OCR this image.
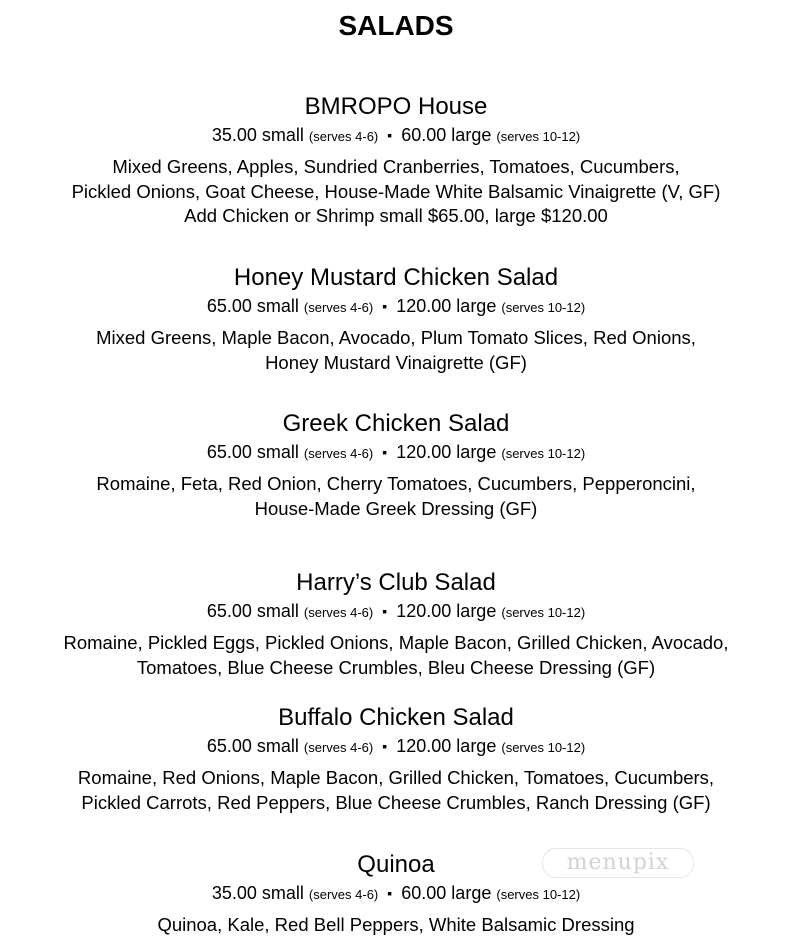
SALADS
BMROPO House
35.00 small (serves 4-6) ▪ 60.00 large (serves 10-12)
Mixed Greens, Apples, Sundried Cranberries, Tomatoes, Cucumbers,
Pickled Onions, Goat Cheese, House-Made White Balsamic Vinaigrette (V, GF)
Add Chicken or Shrimp small $65.00, large $120.00
Honey Mustard Chicken Salad
65.00 small (serves 4-6) ▪ 120.00 large (serves 10-12)
Mixed Greens, Maple Bacon, Avocado, Plum Tomato Slices, Red Onions,
Honey Mustard Vinaigrette (GF)
Greek Chicken Salad
65.00 small (serves 4-6) ▪ 120.00 large (serves 10-12)
Romaine, Feta, Red Onion, Cherry Tomatoes, Cucumbers, Pepperoncini,
House-Made Greek Dressing (GF)
Harry’s Club Salad
65.00 small (serves 4-6) ▪ 120.00 large (serves 10-12)
Romaine, Pickled Eggs, Pickled Onions, Maple Bacon, Grilled Chicken, Avocado,
Tomatoes, Blue Cheese Crumbles, Bleu Cheese Dressing (GF)
Buffalo Chicken Salad
65.00 small (serves 4-6) ▪ 120.00 large (serves 10-12)
Romaine, Red Onions, Maple Bacon, Grilled Chicken, Tomatoes, Cucumbers,
Pickled Carrots, Red Peppers, Blue Cheese Crumbles, Ranch Dressing (GF)
Quinoa
35.00 small (serves 4-6) ▪ 60.00 large (serves 10-12)
Quinoa, Kale, Red Bell Peppers, White Balsamic Dressing
menupix
